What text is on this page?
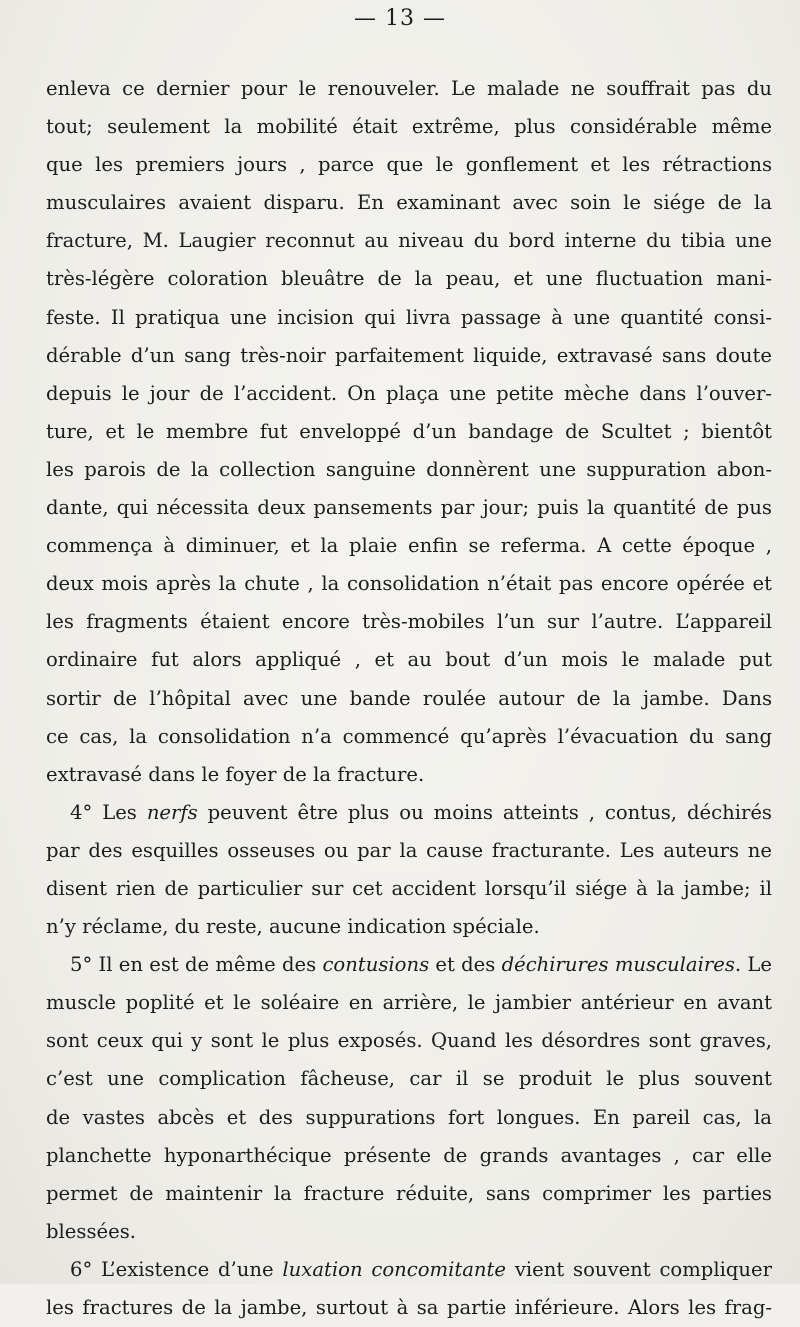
— 13 —
enleva ce dernier pour le renouveler. Le malade ne souffrait pas du
tout; seulement la mobilité était extrême, plus considérable même
que les premiers jours , parce que le gonflement et les rétractions
musculaires avaient disparu. En examinant avec soin le siége de la
fracture, M. Laugier reconnut au niveau du bord interne du tibia une
très-légère coloration bleuâtre de la peau, et une fluctuation mani-
feste. Il pratiqua une incision qui livra passage à une quantité consi-
dérable d’un sang très-noir parfaitement liquide, extravasé sans doute
depuis le jour de l’accident. On plaça une petite mèche dans l’ouver-
ture, et le membre fut enveloppé d’un bandage de Scultet ; bientôt
les parois de la collection sanguine donnèrent une suppuration abon-
dante, qui nécessita deux pansements par jour; puis la quantité de pus
commença à diminuer, et la plaie enfin se referma. A cette époque ,
deux mois après la chute , la consolidation n’était pas encore opérée et
les fragments étaient encore très-mobiles l’un sur l’autre. L’appareil
ordinaire fut alors appliqué , et au bout d’un mois le malade put
sortir de l’hôpital avec une bande roulée autour de la jambe. Dans
ce cas, la consolidation n’a commencé qu’après l’évacuation du sang
extravasé dans le foyer de la fracture.
4° Les nerfs peuvent être plus ou moins atteints , contus, déchirés
par des esquilles osseuses ou par la cause fracturante. Les auteurs ne
disent rien de particulier sur cet accident lorsqu’il siége à la jambe; il
n’y réclame, du reste, aucune indication spéciale.
5° Il en est de même des contusions et des déchirures musculaires. Le
muscle poplité et le soléaire en arrière, le jambier antérieur en avant
sont ceux qui y sont le plus exposés. Quand les désordres sont graves,
c’est une complication fâcheuse, car il se produit le plus souvent
de vastes abcès et des suppurations fort longues. En pareil cas, la
planchette hyponarthécique présente de grands avantages , car elle
permet de maintenir la fracture réduite, sans comprimer les parties
blessées.
6° L’existence d’une luxation concomitante vient souvent compliquer
les fractures de la jambe, surtout à sa partie inférieure. Alors les frag-
